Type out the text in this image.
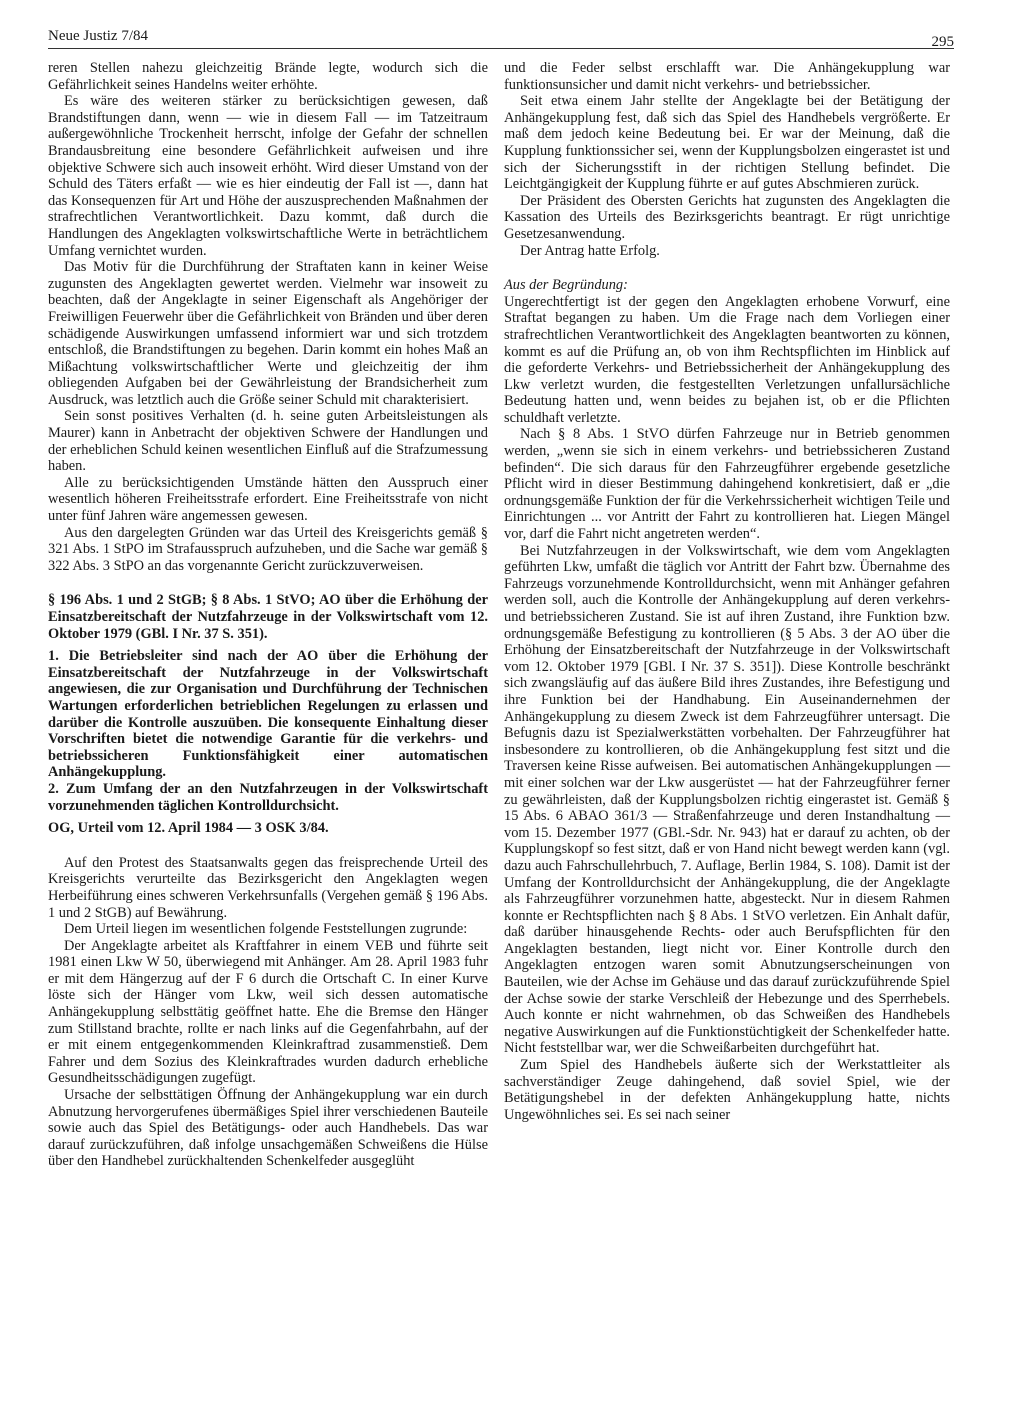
Neue Justiz 7/84	295

reren Stellen nahezu gleichzeitig Brände legte, wodurch sich die Gefährlichkeit seines Handelns weiter erhöhte.

Es wäre des weiteren stärker zu berücksichtigen gewesen, daß Brandstiftungen dann, wenn — wie in diesem Fall — im Tatzeitraum außergewöhnliche Trockenheit herrscht, infolge der Gefahr der schnellen Brandausbreitung eine besondere Gefährlichkeit aufweisen und ihre objektive Schwere sich auch insoweit erhöht. Wird dieser Umstand von der Schuld des Täters erfaßt — wie es hier eindeutig der Fall ist —, dann hat das Konsequenzen für Art und Höhe der auszusprechenden Maßnahmen der strafrechtlichen Verantwortlichkeit. Dazu kommt, daß durch die Handlungen des Angeklagten volkswirtschaftliche Werte in beträchtlichem Umfang vernichtet wurden.

Das Motiv für die Durchführung der Straftaten kann in keiner Weise zugunsten des Angeklagten gewertet werden. Vielmehr war insoweit zu beachten, daß der Angeklagte in seiner Eigenschaft als Angehöriger der Freiwilligen Feuerwehr über die Gefährlichkeit von Bränden und über deren schädigende Auswirkungen umfassend informiert war und sich trotzdem entschloß, die Brandstiftungen zu begehen. Darin kommt ein hohes Maß an Mißachtung volkswirtschaftlicher Werte und gleichzeitig der ihm obliegenden Aufgaben bei der Gewährleistung der Brandsicherheit zum Ausdruck, was letztlich auch die Größe seiner Schuld mit charakterisiert.

Sein sonst positives Verhalten (d. h. seine guten Arbeitsleistungen als Maurer) kann in Anbetracht der objektiven Schwere der Handlungen und der erheblichen Schuld keinen wesentlichen Einfluß auf die Strafzumessung haben.

Alle zu berücksichtigenden Umstände hätten den Ausspruch einer wesentlich höheren Freiheitsstrafe erfordert. Eine Freiheitsstrafe von nicht unter fünf Jahren wäre angemessen gewesen.

Aus den dargelegten Gründen war das Urteil des Kreisgerichts gemäß § 321 Abs. 1 StPO im Strafausspruch aufzuheben, und die Sache war gemäß § 322 Abs. 3 StPO an das vorgenannte Gericht zurückzuverweisen.

§ 196 Abs. 1 und 2 StGB; § 8 Abs. 1 StVO; AO über die Erhöhung der Einsatzbereitschaft der Nutzfahrzeuge in der Volkswirtschaft vom 12. Oktober 1979 (GBl. I Nr. 37 S. 351).

1. Die Betriebsleiter sind nach der AO über die Erhöhung der Einsatzbereitschaft der Nutzfahrzeuge in der Volkswirtschaft angewiesen, die zur Organisation und Durchführung der Technischen Wartungen erforderlichen betrieblichen Regelungen zu erlassen und darüber die Kontrolle auszuüben. Die konsequente Einhaltung dieser Vorschriften bietet die notwendige Garantie für die verkehrs- und betriebssicheren Funktionsfähigkeit einer automatischen Anhängekupplung.

2. Zum Umfang der an den Nutzfahrzeugen in der Volkswirtschaft vorzunehmenden täglichen Kontrolldurchsicht.

OG, Urteil vom 12. April 1984 — 3 OSK 3/84.

Auf den Protest des Staatsanwalts gegen das freisprechende Urteil des Kreisgerichts verurteilte das Bezirksgericht den Angeklagten wegen Herbeiführung eines schweren Verkehrsunfalls (Vergehen gemäß § 196 Abs. 1 und 2 StGB) auf Bewährung.

Dem Urteil liegen im wesentlichen folgende Feststellungen zugrunde:

Der Angeklagte arbeitet als Kraftfahrer in einem VEB und führte seit 1981 einen Lkw W 50, überwiegend mit Anhänger. Am 28. April 1983 fuhr er mit dem Hängerzug auf der F 6 durch die Ortschaft C. In einer Kurve löste sich der Hänger vom Lkw, weil sich dessen automatische Anhängekupplung selbsttätig geöffnet hatte. Ehe die Bremse den Hänger zum Stillstand brachte, rollte er nach links auf die Gegenfahrbahn, auf der er mit einem entgegenkommenden Kleinkraftrad zusammenstieß. Dem Fahrer und dem Sozius des Kleinkraftrades wurden dadurch erhebliche Gesundheitsschädigungen zugefügt.

Ursache der selbsttätigen Öffnung der Anhängekupplung war ein durch Abnutzung hervorgerufenes übermäßiges Spiel ihrer verschiedenen Bauteile sowie auch das Spiel des Betätigungs- oder auch Handhebels. Das war darauf zurückzuführen, daß infolge unsachgemäßen Schweißens die Hülse über den Handhebel zurückhaltenden Schenkelfeder ausgeglüht

und die Feder selbst erschlafft war. Die Anhängekupplung war funktionsunsicher und damit nicht verkehrs- und betriebssicher.

Seit etwa einem Jahr stellte der Angeklagte bei der Betätigung der Anhängekupplung fest, daß sich das Spiel des Handhebels vergrößerte. Er maß dem jedoch keine Bedeutung bei. Er war der Meinung, daß die Kupplung funktionssicher sei, wenn der Kupplungsbolzen eingerastet ist und sich der Sicherungsstift in der richtigen Stellung befindet. Die Leichtgängigkeit der Kupplung führte er auf gutes Abschmieren zurück.

Der Präsident des Obersten Gerichts hat zugunsten des Angeklagten die Kassation des Urteils des Bezirksgerichts beantragt. Er rügt unrichtige Gesetzesanwendung.

Der Antrag hatte Erfolg.

Aus der Begründung:

Ungerechtfertigt ist der gegen den Angeklagten erhobene Vorwurf, eine Straftat begangen zu haben. Um die Frage nach dem Vorliegen einer strafrechtlichen Verantwortlichkeit des Angeklagten beantworten zu können, kommt es auf die Prüfung an, ob von ihm Rechtspflichten im Hinblick auf die geforderte Verkehrs- und Betriebssicherheit der Anhängekupplung des Lkw verletzt wurden, die festgestellten Verletzungen unfallursächliche Bedeutung hatten und, wenn beides zu bejahen ist, ob er die Pflichten schuldhaft verletzte.

Nach § 8 Abs. 1 StVO dürfen Fahrzeuge nur in Betrieb genommen werden, „wenn sie sich in einem verkehrs- und betriebssicheren Zustand befinden“. Die sich daraus für den Fahrzeugführer ergebende gesetzliche Pflicht wird in dieser Bestimmung dahingehend konkretisiert, daß er „die ordnungsgemäße Funktion der für die Verkehrssicherheit wichtigen Teile und Einrichtungen ... vor Antritt der Fahrt zu kontrollieren hat. Liegen Mängel vor, darf die Fahrt nicht angetreten werden“.

Bei Nutzfahrzeugen in der Volkswirtschaft, wie dem vom Angeklagten geführten Lkw, umfaßt die täglich vor Antritt der Fahrt bzw. Übernahme des Fahrzeugs vorzunehmende Kontrolldurchsicht, wenn mit Anhänger gefahren werden soll, auch die Kontrolle der Anhängekupplung auf deren verkehrs- und betriebssicheren Zustand. Sie ist auf ihren Zustand, ihre Funktion bzw. ordnungsgemäße Befestigung zu kontrollieren (§ 5 Abs. 3 der AO über die Erhöhung der Einsatzbereitschaft der Nutzfahrzeuge in der Volkswirtschaft vom 12. Oktober 1979 [GBl. I Nr. 37 S. 351]). Diese Kontrolle beschränkt sich zwangsläufig auf das äußere Bild ihres Zustandes, ihre Befestigung und ihre Funktion bei der Handhabung. Ein Auseinandernehmen der Anhängekupplung zu diesem Zweck ist dem Fahrzeugführer untersagt. Die Befugnis dazu ist Spezialwerkstätten vorbehalten. Der Fahrzeugführer hat insbesondere zu kontrollieren, ob die Anhängekupplung fest sitzt und die Traversen keine Risse aufweisen. Bei automatischen Anhängekupplungen — mit einer solchen war der Lkw ausgerüstet — hat der Fahrzeugführer ferner zu gewährleisten, daß der Kupplungsbolzen richtig eingerastet ist. Gemäß § 15 Abs. 6 ABAO 361/3 — Straßenfahrzeuge und deren Instandhaltung — vom 15. Dezember 1977 (GBl.-Sdr. Nr. 943) hat er darauf zu achten, ob der Kupplungskopf so fest sitzt, daß er von Hand nicht bewegt werden kann (vgl. dazu auch Fahrschullehrbuch, 7. Auflage, Berlin 1984, S. 108). Damit ist der Umfang der Kontrolldurchsicht der Anhängekupplung, die der Angeklagte als Fahrzeugführer vorzunehmen hatte, abgesteckt. Nur in diesem Rahmen konnte er Rechtspflichten nach § 8 Abs. 1 StVO verletzen. Ein Anhalt dafür, daß darüber hinausgehende Rechts- oder auch Berufspflichten für den Angeklagten bestanden, liegt nicht vor. Einer Kontrolle durch den Angeklagten entzogen waren somit Abnutzungserscheinungen von Bauteilen, wie der Achse im Gehäuse und das darauf zurückzuführende Spiel der Achse sowie der starke Verschleiß der Hebezunge und des Sperrhebels. Auch konnte er nicht wahrnehmen, ob das Schweißen des Handhebels negative Auswirkungen auf die Funktionstüchtigkeit der Schenkelfeder hatte. Nicht feststellbar war, wer die Schweißarbeiten durchgeführt hat.

Zum Spiel des Handhebels äußerte sich der Werkstattleiter als sachverständiger Zeuge dahingehend, daß soviel Spiel, wie der Betätigungshebel in der defekten Anhängekupplung hatte, nichts Ungewöhnliches sei. Es sei nach seiner
